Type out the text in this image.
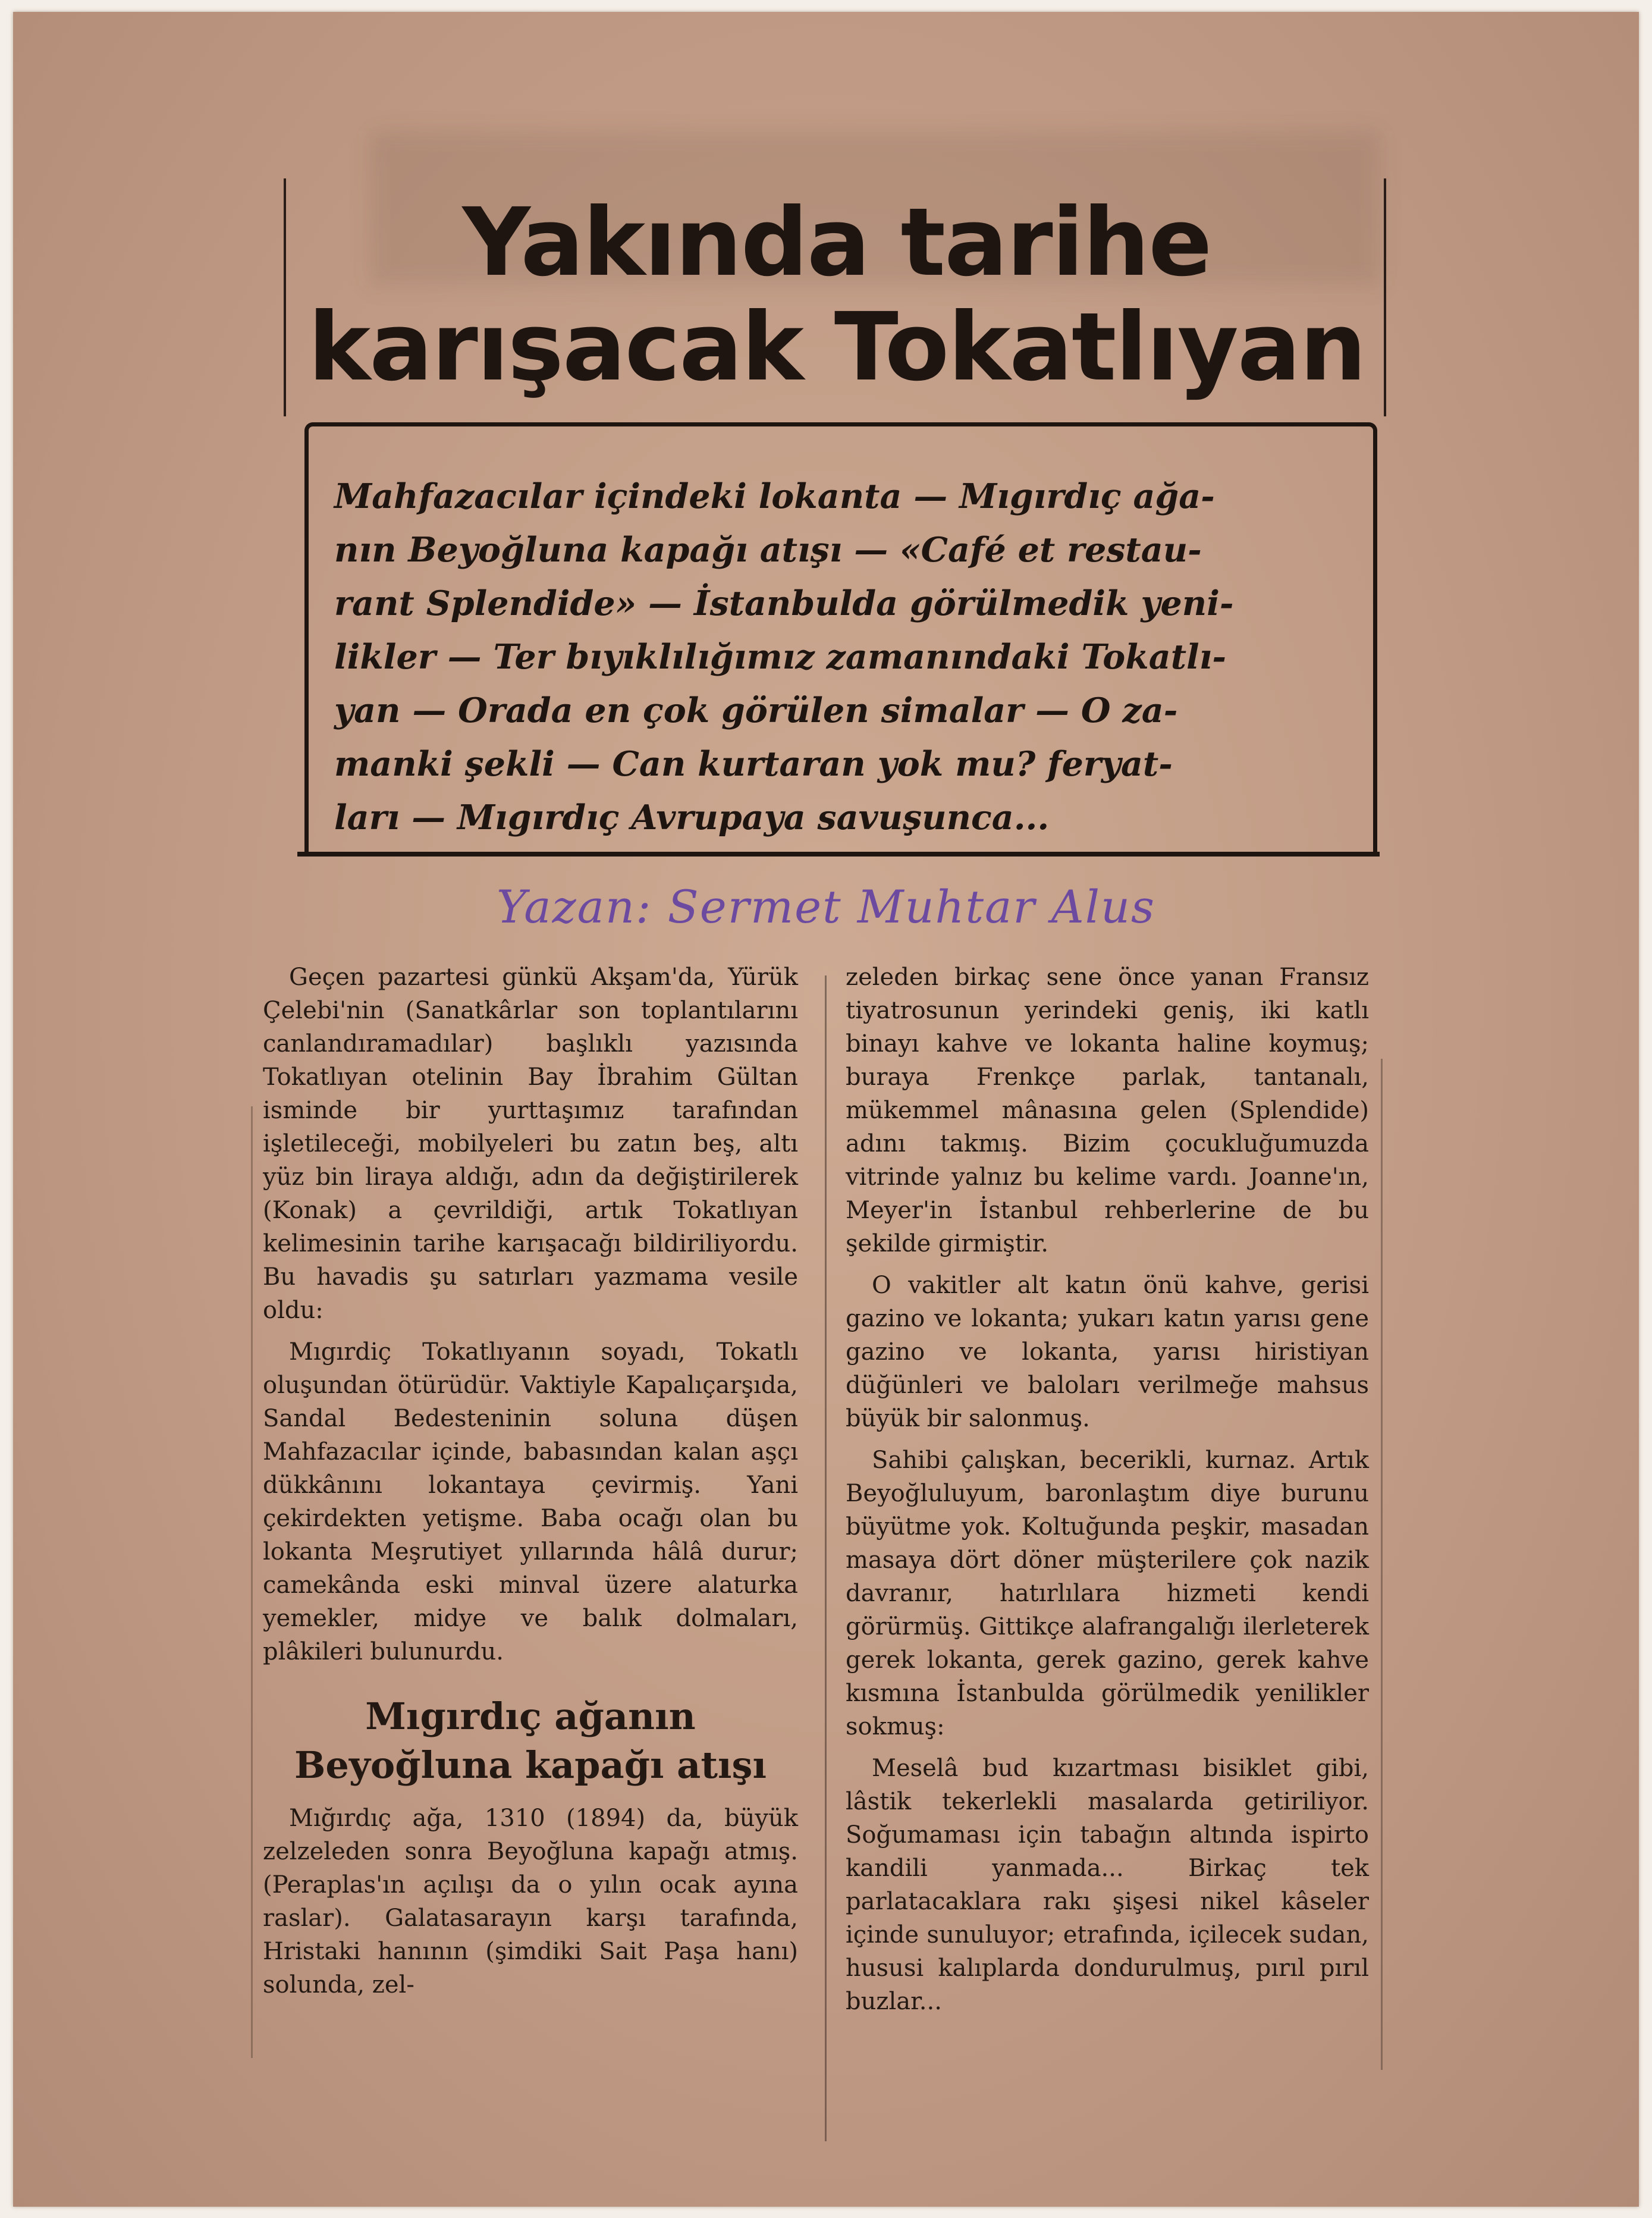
Yakında tarihe
karışacak Tokatlıyan
Mahfazacılar içindeki lokanta — Mıgırdıç ağa-
nın Beyoğluna kapağı atışı — «Café et restau-
rant Splendide» — İstanbulda görülmedik yeni-
likler — Ter bıyıklılığımız zamanındaki Tokatlı-
yan — Orada en çok görülen simalar — O za-
manki şekli — Can kurtaran yok mu? feryat-
ları — Mıgırdıç Avrupaya savuşunca...
Yazan: Sermet Muhtar Alus

Geçen pazartesi günkü Akşam'da, Yürük Çelebi'nin (Sanatkârlar son toplantılarını canlandıramadılar) başlıklı yazısında Tokatlıyan otelinin Bay İbrahim Gültan isminde bir yurttaşımız tarafından işletileceği, mobilyeleri bu zatın beş, altı yüz bin liraya aldığı, adın da değiştirilerek (Konak) a çevrildiği, artık Tokatlıyan kelimesinin tarihe karışacağı bildiriliyordu. Bu havadis şu satırları yazmama vesile oldu:

Mıgırdiç Tokatlıyanın soyadı, Tokatlı oluşundan ötürüdür. Vaktiyle Kapalıçarşıda, Sandal Bedesteninin soluna düşen Mahfazacılar içinde, babasından kalan aşçı dükkânını lokantaya çevirmiş. Yani çekirdekten yetişme. Baba ocağı olan bu lokanta Meşrutiyet yıllarında hâlâ durur; camekânda eski minval üzere alaturka yemekler, midye ve balık dolmaları, plâkileri bulunurdu.

Mıgırdıç ağanın Beyoğluna kapağı atışı

Mığırdıç ağa, 1310 (1894) da, büyük zelzeleden sonra Beyoğluna kapağı atmış. (Peraplas'ın açılışı da o yılın ocak ayına raslar). Galatasarayın karşı tarafında, Hristaki hanının (şimdiki Sait Paşa hanı) solunda, zel-

zeleden birkaç sene önce yanan Fransız tiyatrosunun yerindeki geniş, iki katlı binayı kahve ve lokanta haline koymuş; buraya Frenkçe parlak, tantanalı, mükemmel mânasına gelen (Splendide) adını takmış. Bizim çocukluğumuzda vitrinde yalnız bu kelime vardı. Joanne'ın, Meyer'in İstanbul rehberlerine de bu şekilde girmiştir.

O vakitler alt katın önü kahve, gerisi gazino ve lokanta; yukarı katın yarısı gene gazino ve lokanta, yarısı hiristiyan düğünleri ve baloları verilmeğe mahsus büyük bir salonmuş.

Sahibi çalışkan, becerikli, kurnaz. Artık Beyoğluluyum, baronlaştım diye burunu büyütme yok. Koltuğunda peşkir, masadan masaya dört döner müşterilere çok nazik davranır, hatırlılara hizmeti kendi görürmüş. Gittikçe alafrangalığı ilerleterek gerek lokanta, gerek gazino, gerek kahve kısmına İstanbulda görülmedik yenilikler sokmuş:

Meselâ bud kızartması bisiklet gibi, lâstik tekerlekli masalarda getiriliyor. Soğumaması için tabağın altında ispirto kandili yanmada... Birkaç tek parlatacaklara rakı şişesi nikel kâseler içinde sunuluyor; etrafında, içilecek sudan, hususi kalıplarda dondurulmuş, pırıl pırıl buzlar...
